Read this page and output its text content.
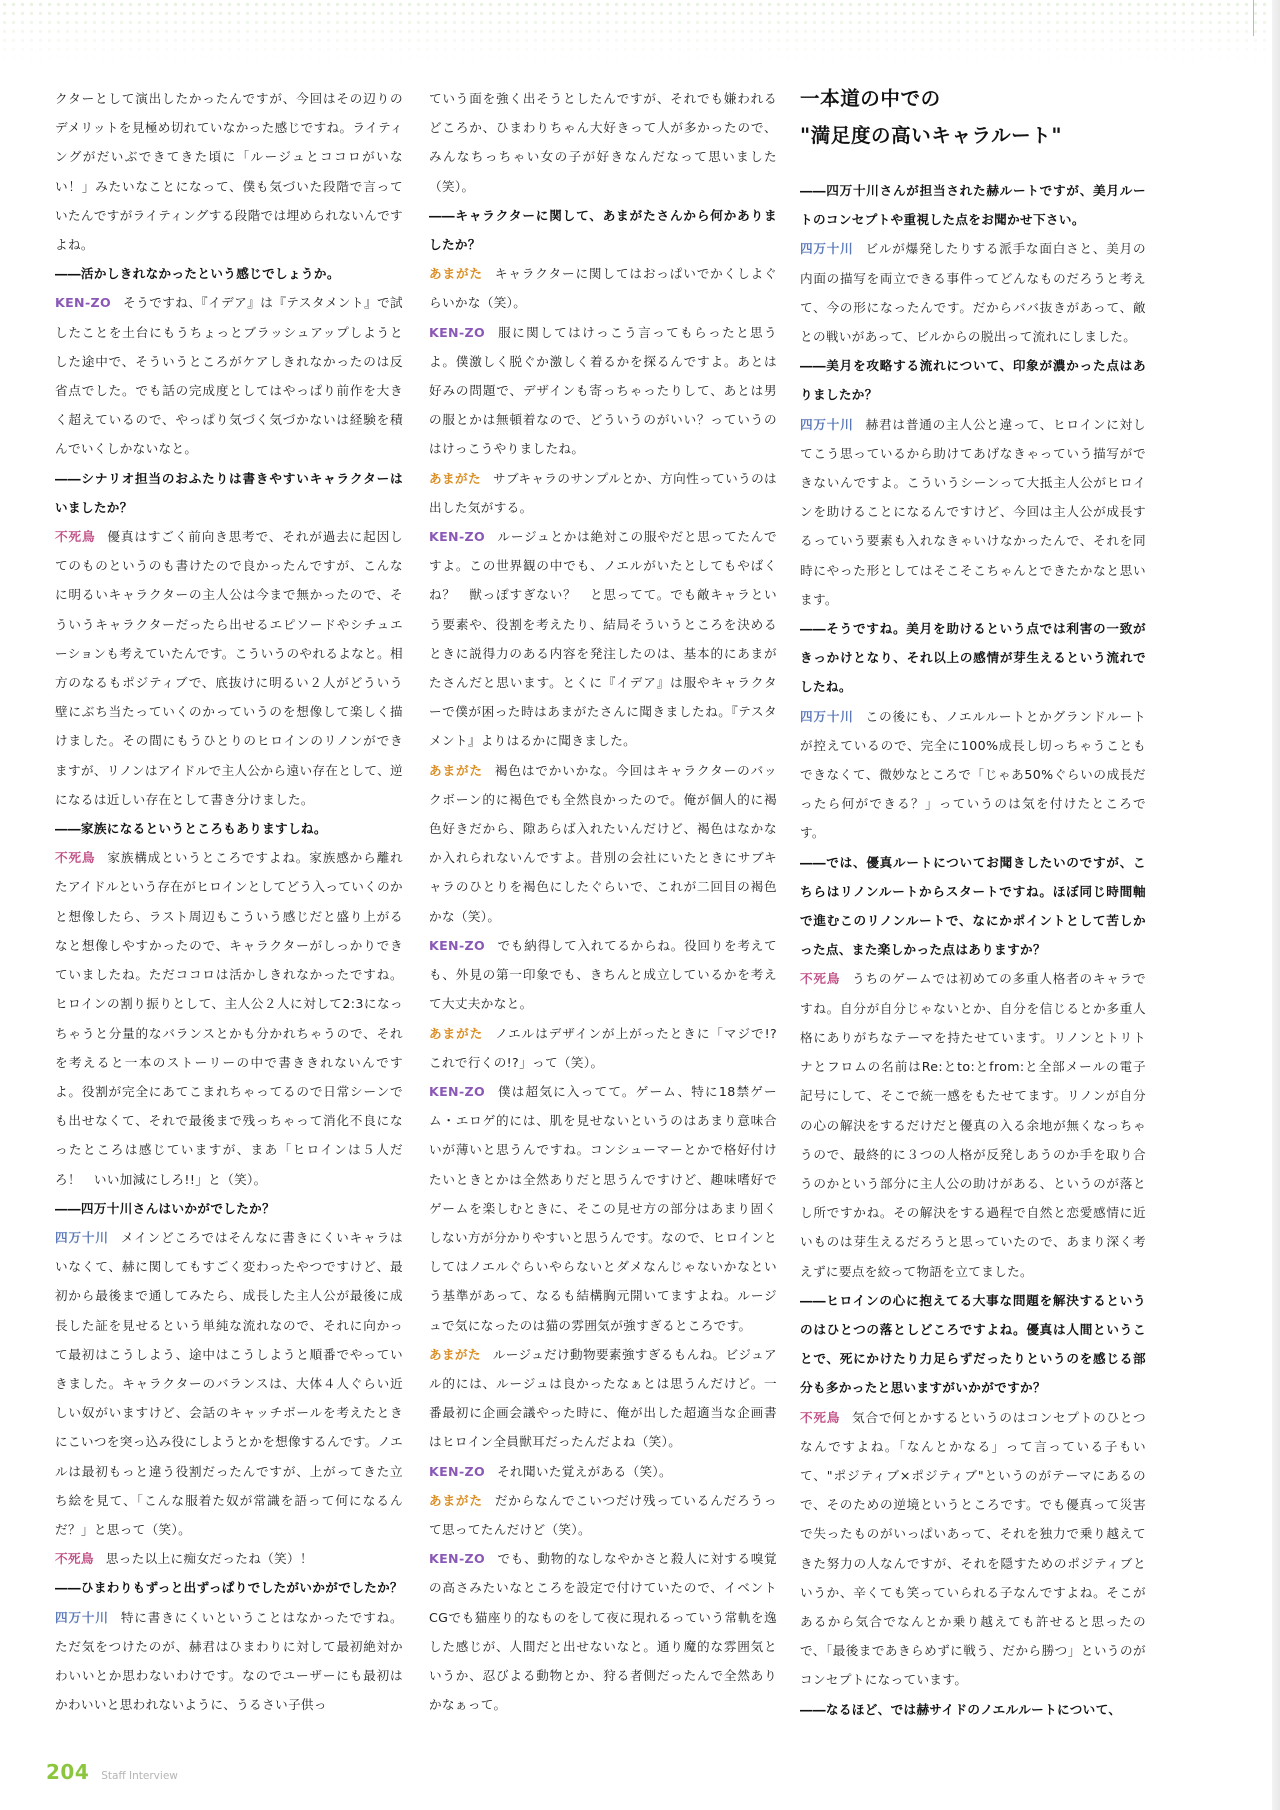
クターとして演出したかったんですが、今回はその辺りのデメリットを見極め切れていなかった感じですね。ライティングがだいぶできてきた頃に「ルージュとココロがいない！」みたいなことになって、僕も気づいた段階で言っていたんですがライティングする段階では埋められないんですよね。

――活かしきれなかったという感じでしょうか。

KEN-ZO そうですね、『イデア』は『テスタメント』で試したことを土台にもうちょっとブラッシュアップしようとした途中で、そういうところがケアしきれなかったのは反省点でした。でも話の完成度としてはやっぱり前作を大きく超えているので、やっぱり気づく気づかないは経験を積んでいくしかないなと。

――シナリオ担当のおふたりは書きやすいキャラクターはいましたか？

不死鳥 優真はすごく前向き思考で、それが過去に起因してのものというのも書けたので良かったんですが、こんなに明るいキャラクターの主人公は今まで無かったので、そういうキャラクターだったら出せるエピソードやシチュエーションも考えていたんです。こういうのやれるよなと。相方のなるもポジティブで、底抜けに明るい２人がどういう壁にぶち当たっていくのかっていうのを想像して楽しく描けました。その間にもうひとりのヒロインのリノンができますが、リノンはアイドルで主人公から遠い存在として、逆になるは近しい存在として書き分けました。

――家族になるというところもありますしね。

不死鳥 家族構成というところですよね。家族感から離れたアイドルという存在がヒロインとしてどう入っていくのかと想像したら、ラスト周辺もこういう感じだと盛り上がるなと想像しやすかったので、キャラクターがしっかりできていましたね。ただココロは活かしきれなかったですね。ヒロインの割り振りとして、主人公２人に対して2:3になっちゃうと分量的なバランスとかも分かれちゃうので、それを考えると一本のストーリーの中で書ききれないんですよ。役割が完全にあてこまれちゃってるので日常シーンでも出せなくて、それで最後まで残っちゃって消化不良になったところは感じていますが、まあ「ヒロインは５人だろ！　いい加減にしろ!!」と（笑）。

――四万十川さんはいかがでしたか？

四万十川 メインどころではそんなに書きにくいキャラはいなくて、赫に関してもすごく変わったやつですけど、最初から最後まで通してみたら、成長した主人公が最後に成長した証を見せるという単純な流れなので、それに向かって最初はこうしよう、途中はこうしようと順番でやっていきました。キャラクターのバランスは、大体４人ぐらい近しい奴がいますけど、会話のキャッチボールを考えたときにこいつを突っ込み役にしようとかを想像するんです。ノエルは最初もっと違う役割だったんですが、上がってきた立ち絵を見て、「こんな服着た奴が常識を語って何になるんだ？」と思って（笑）。

不死鳥 思った以上に痴女だったね（笑）！

――ひまわりもずっと出ずっぱりでしたがいかがでしたか？

四万十川 特に書きにくいということはなかったですね。ただ気をつけたのが、赫君はひまわりに対して最初絶対かわいいとか思わないわけです。なのでユーザーにも最初はかわいいと思われないように、うるさい子供っ

ていう面を強く出そうとしたんですが、それでも嫌われるどころか、ひまわりちゃん大好きって人が多かったので、みんなちっちゃい女の子が好きなんだなって思いました（笑）。

――キャラクターに関して、あまがたさんから何かありましたか？

あまがた キャラクターに関してはおっぱいでかくしよぐらいかな（笑）。

KEN-ZO 服に関してはけっこう言ってもらったと思うよ。僕激しく脱ぐか激しく着るかを探るんですよ。あとは好みの問題で、デザインも寄っちゃったりして、あとは男の服とかは無頓着なので、どういうのがいい？っていうのはけっこうやりましたね。

あまがた サブキャラのサンプルとか、方向性っていうのは出した気がする。

KEN-ZO ルージュとかは絶対この服やだと思ってたんですよ。この世界観の中でも、ノエルがいたとしてもやばくね？　獣っぽすぎない？　と思ってて。でも敵キャラという要素や、役割を考えたり、結局そういうところを決めるときに説得力のある内容を発注したのは、基本的にあまがたさんだと思います。とくに『イデア』は服やキャラクターで僕が困った時はあまがたさんに聞きましたね。『テスタメント』よりはるかに聞きました。

あまがた 褐色はでかいかな。今回はキャラクターのバックボーン的に褐色でも全然良かったので。俺が個人的に褐色好きだから、隙あらば入れたいんだけど、褐色はなかなか入れられないんですよ。昔別の会社にいたときにサブキャラのひとりを褐色にしたぐらいで、これが二回目の褐色かな（笑）。

KEN-ZO でも納得して入れてるからね。役回りを考えても、外見の第一印象でも、きちんと成立しているかを考えて大丈夫かなと。

あまがた ノエルはデザインが上がったときに「マジで!?　これで行くの!?」って（笑）。

KEN-ZO 僕は超気に入ってて。ゲーム、特に18禁ゲーム・エロゲ的には、肌を見せないというのはあまり意味合いが薄いと思うんですね。コンシューマーとかで格好付けたいときとかは全然ありだと思うんですけど、趣味嗜好でゲームを楽しむときに、そこの見せ方の部分はあまり固くしない方が分かりやすいと思うんです。なので、ヒロインとしてはノエルぐらいやらないとダメなんじゃないかなという基準があって、なるも結構胸元開いてますよね。ルージュで気になったのは猫の雰囲気が強すぎるところです。

あまがた ルージュだけ動物要素強すぎるもんね。ビジュアル的には、ルージュは良かったなぁとは思うんだけど。一番最初に企画会議やった時に、俺が出した超適当な企画書はヒロイン全員獣耳だったんだよね（笑）。

KEN-ZO それ聞いた覚えがある（笑）。

あまがた だからなんでこいつだけ残っているんだろうって思ってたんだけど（笑）。

KEN-ZO でも、動物的なしなやかさと殺人に対する嗅覚の高さみたいなところを設定で付けていたので、イベントCGでも猫座り的なものをして夜に現れるっていう常軌を逸した感じが、人間だと出せないなと。通り魔的な雰囲気というか、忍びよる動物とか、狩る者側だったんで全然ありかなぁって。

一本道の中での
"満足度の高いキャラルート"

――四万十川さんが担当された赫ルートですが、美月ルートのコンセプトや重視した点をお聞かせ下さい。

四万十川 ビルが爆発したりする派手な面白さと、美月の内面の描写を両立できる事件ってどんなものだろうと考えて、今の形になったんです。だからババ抜きがあって、敵との戦いがあって、ビルからの脱出って流れにしました。

――美月を攻略する流れについて、印象が濃かった点はありましたか？

四万十川 赫君は普通の主人公と違って、ヒロインに対してこう思っているから助けてあげなきゃっていう描写ができないんですよ。こういうシーンって大抵主人公がヒロインを助けることになるんですけど、今回は主人公が成長するっていう要素も入れなきゃいけなかったんで、それを同時にやった形としてはそこそこちゃんとできたかなと思います。

――そうですね。美月を助けるという点では利害の一致がきっかけとなり、それ以上の感情が芽生えるという流れでしたね。

四万十川 この後にも、ノエルルートとかグランドルートが控えているので、完全に100%成長し切っちゃうこともできなくて、微妙なところで「じゃあ50%ぐらいの成長だったら何ができる？」っていうのは気を付けたところです。

――では、優真ルートについてお聞きしたいのですが、こちらはリノンルートからスタートですね。ほぼ同じ時間軸で進むこのリノンルートで、なにかポイントとして苦しかった点、また楽しかった点はありますか？

不死鳥 うちのゲームでは初めての多重人格者のキャラですね。自分が自分じゃないとか、自分を信じるとか多重人格にありがちなテーマを持たせています。リノンとトリトナとフロムの名前はRe:とto:とfrom:と全部メールの電子記号にして、そこで統一感をもたせてます。リノンが自分の心の解決をするだけだと優真の入る余地が無くなっちゃうので、最終的に３つの人格が反発しあうのか手を取り合うのかという部分に主人公の助けがある、というのが落とし所ですかね。その解決をする過程で自然と恋愛感情に近いものは芽生えるだろうと思っていたので、あまり深く考えずに要点を絞って物語を立てました。

――ヒロインの心に抱えてる大事な問題を解決するというのはひとつの落としどころですよね。優真は人間ということで、死にかけたり力足らずだったりというのを感じる部分も多かったと思いますがいかがですか？

不死鳥 気合で何とかするというのはコンセプトのひとつなんですよね。「なんとかなる」って言っている子もいて、"ポジティブ×ポジティブ"というのがテーマにあるので、そのための逆境というところです。でも優真って災害で失ったものがいっぱいあって、それを独力で乗り越えてきた努力の人なんですが、それを隠すためのポジティブというか、辛くても笑っていられる子なんですよね。そこがあるから気合でなんとか乗り越えても許せると思ったので、「最後まであきらめずに戦う、だから勝つ」というのがコンセプトになっています。

――なるほど、では赫サイドのノエルルートについて、

204 Staff Interview
